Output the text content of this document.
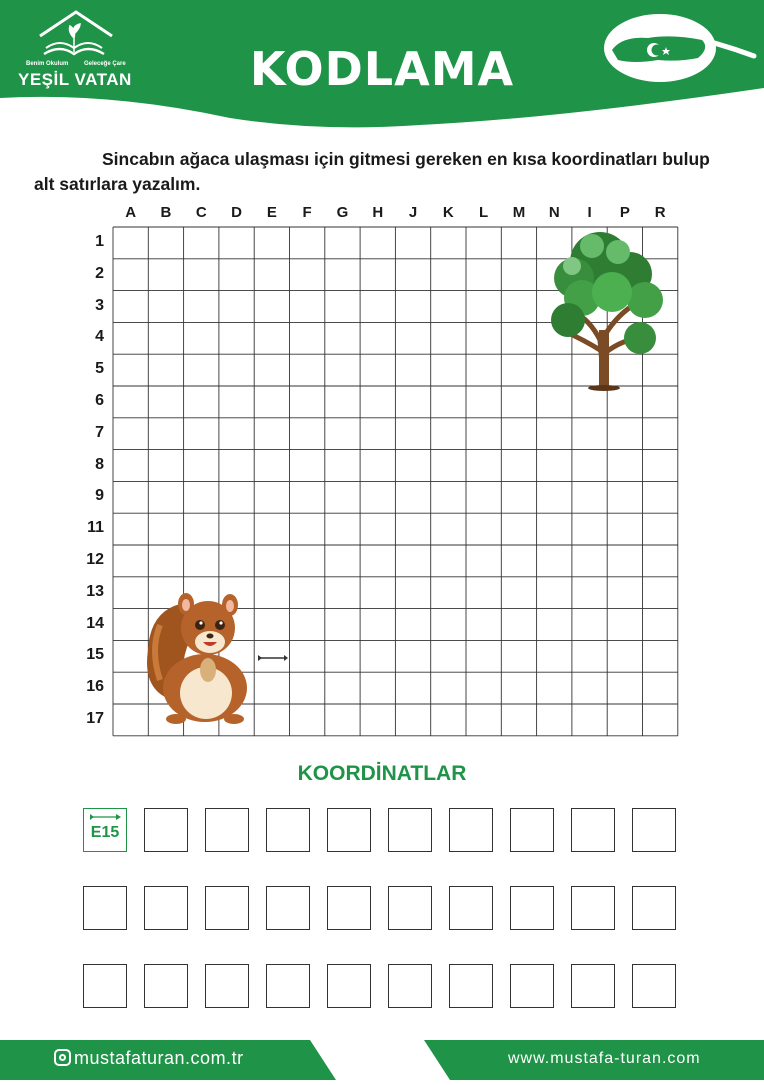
Benim Okulum	Geleceğe Çare
YEŞİL VATAN	KODLAMA
Sincabın ağaca ulaşması için gitmesi gereken en kısa koordinatları bulup alt satırlara yazalım.
A	B	C	D	E	F	G	H	J	K	L	M	N	I	P	R
1
2
3
4
5
6
7
8
9
11
12
13
14
15
16
17
KOORDİNATLAR
E15
mustafaturan.com.tr	www.mustafa-turan.com
